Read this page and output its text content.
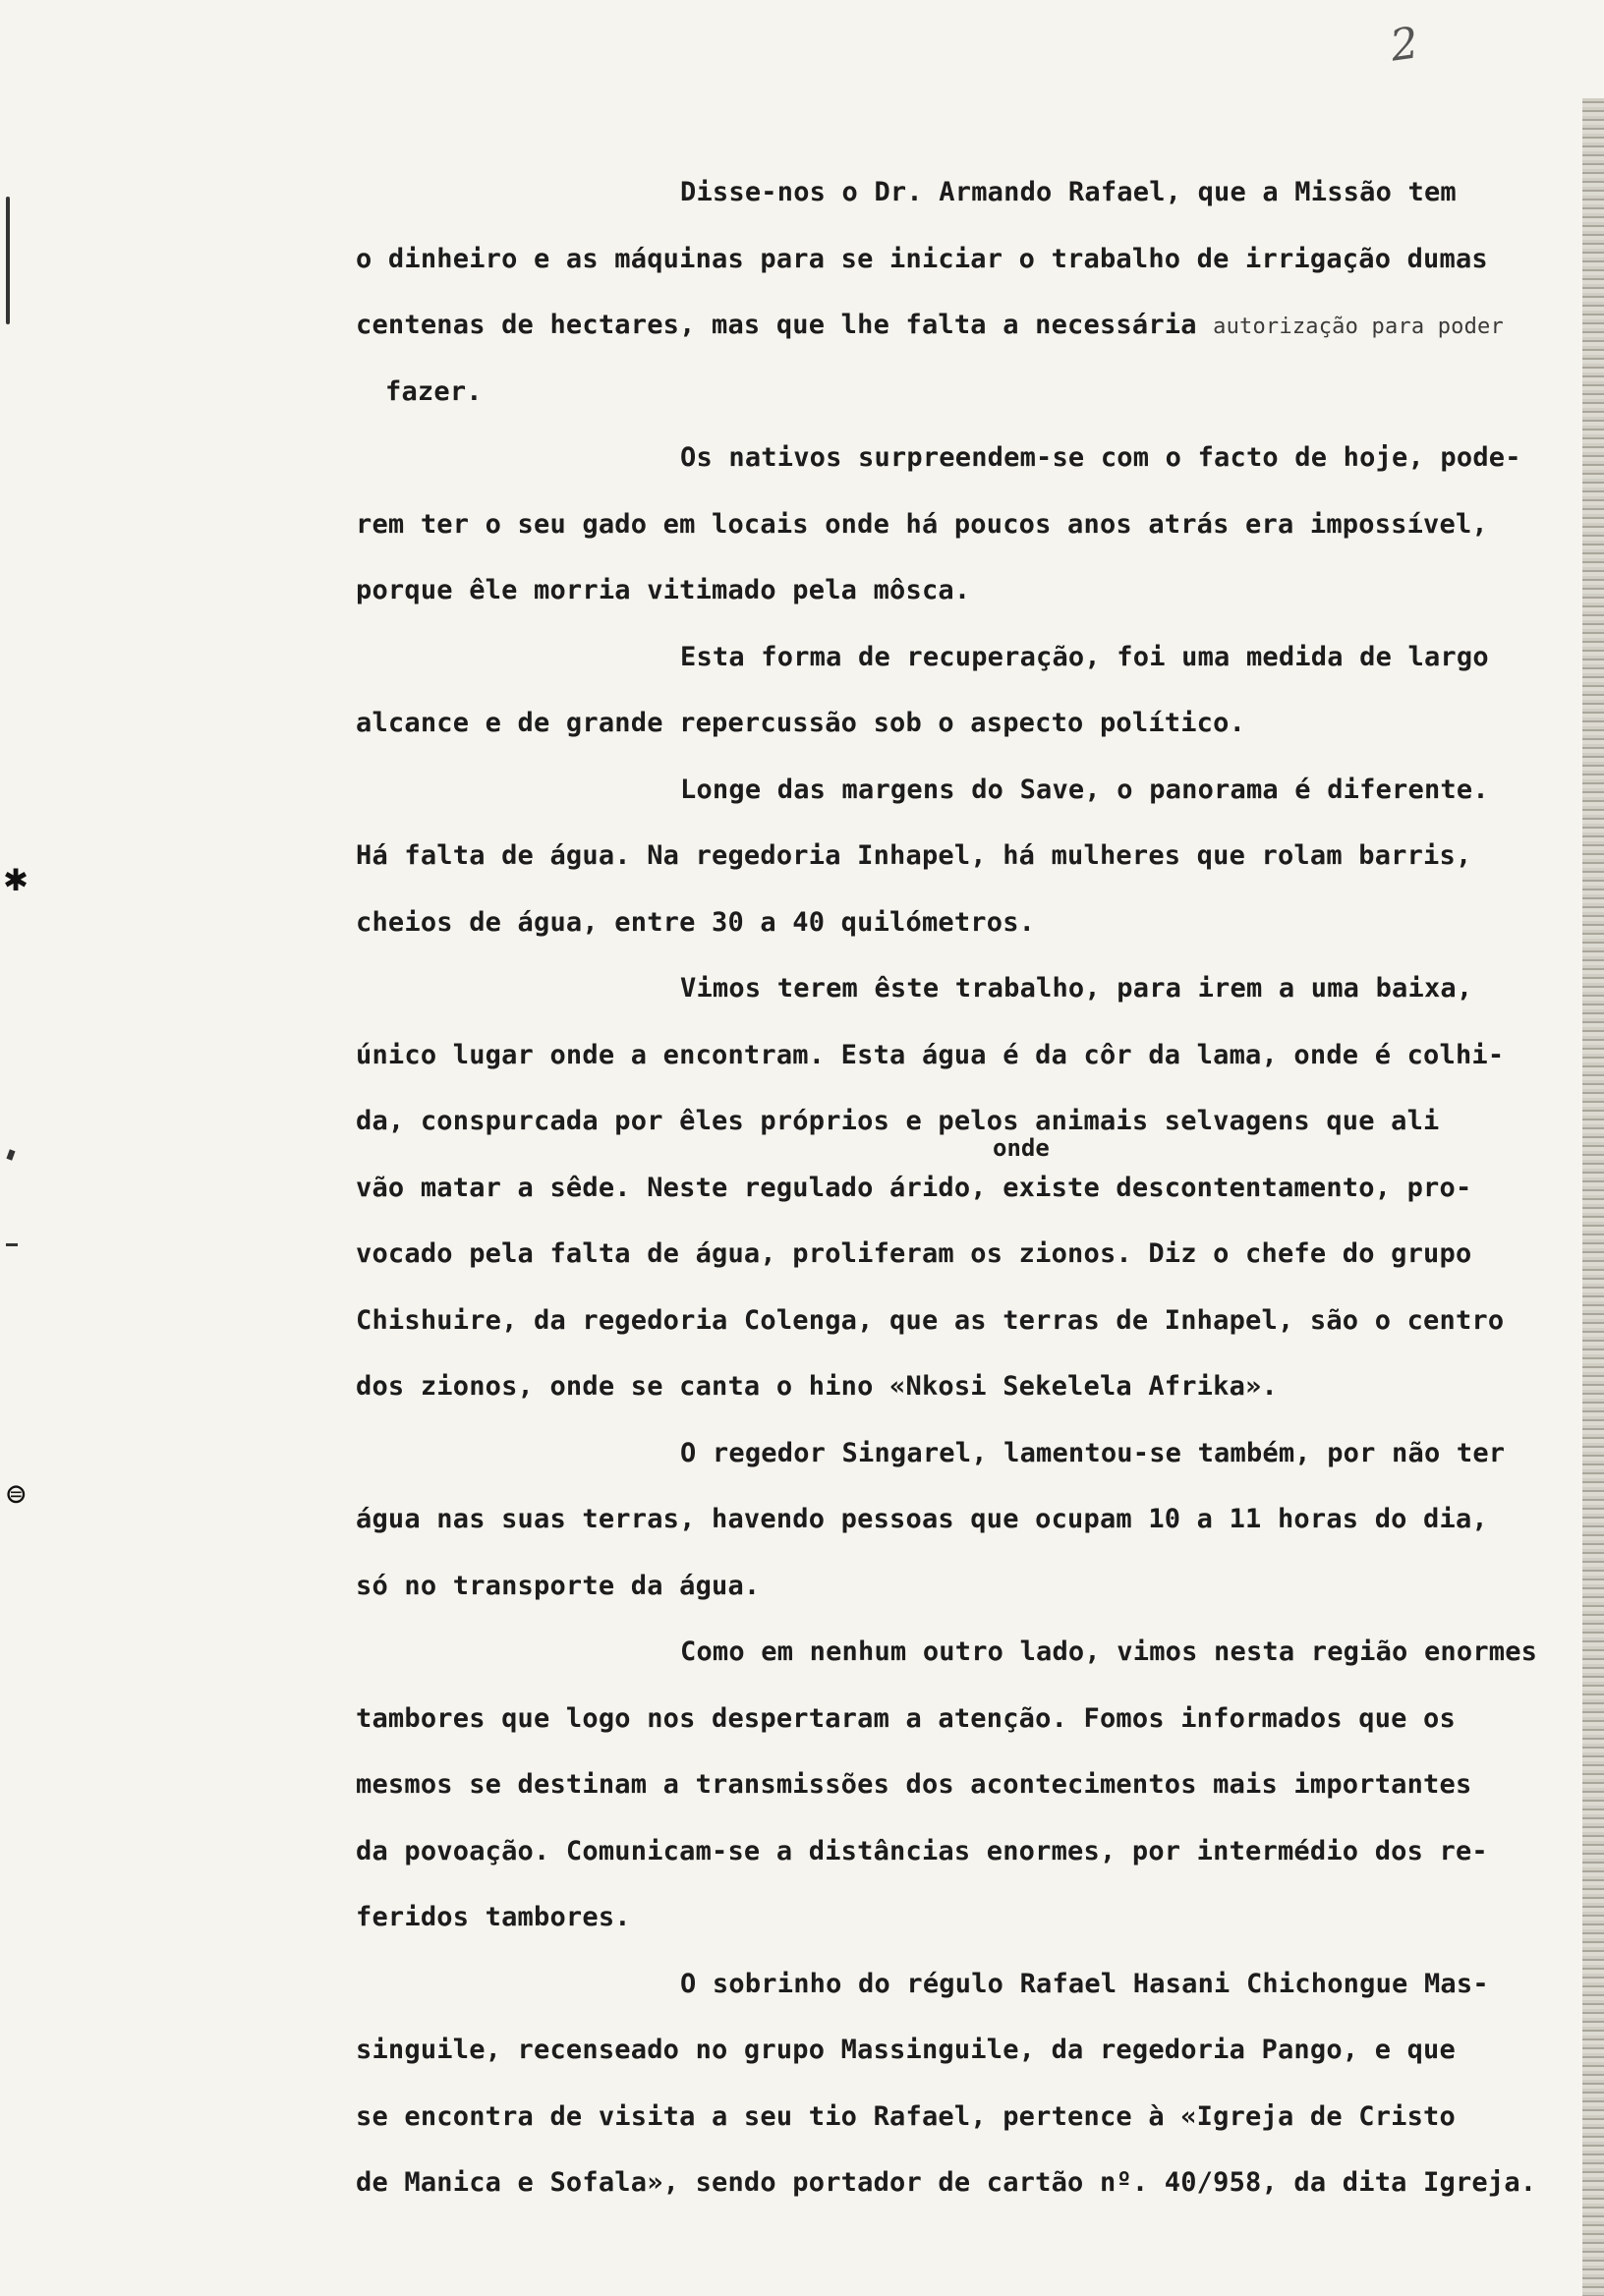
✱
⊜
2
Disse-nos o Dr. Armando Rafael, que a Missão tem
o dinheiro e as máquinas para se iniciar o trabalho de irrigação dumas
centenas de hectares, mas que lhe falta a necessária autorização para poder
fazer.
Os nativos surpreendem-se com o facto de hoje, pode-
rem ter o seu gado em locais onde há poucos anos atrás era impossível,
porque êle morria vitimado pela môsca.
Esta forma de recuperação, foi uma medida de largo
alcance e de grande repercussão sob o aspecto político.
Longe das margens do Save, o panorama é diferente.
Há falta de água. Na regedoria Inhapel, há mulheres que rolam barris,
cheios de água, entre 30 a 40 quilómetros.
Vimos terem êste trabalho, para irem a uma baixa,
único lugar onde a encontram. Esta água é da côr da lama, onde é colhi-
da, conspurcada por êles próprios e pelos animais selvagens que ali
vão matar a sêde. Neste regulado árido, existe descontentamento, pro-
vocado pela falta de água, proliferam os zionos. Diz o chefe do grupo
Chishuire, da regedoria Colenga, que as terras de Inhapel, são o centro
dos zionos, onde se canta o hino «Nkosi Sekelela Afrika».
O regedor Singarel, lamentou-se também, por não ter
água nas suas terras, havendo pessoas que ocupam 10 a 11 horas do dia,
só no transporte da água.
Como em nenhum outro lado, vimos nesta região enormes
tambores que logo nos despertaram a atenção. Fomos informados que os
mesmos se destinam a transmissões dos acontecimentos mais importantes
da povoação. Comunicam-se a distâncias enormes, por intermédio dos re-
feridos tambores.
O sobrinho do régulo Rafael Hasani Chichongue Mas-
singuile, recenseado no grupo Massinguile, da regedoria Pango, e que
se encontra de visita a seu tio Rafael, pertence à «Igreja de Cristo
de Manica e Sofala», sendo portador de cartão nº. 40/958, da dita Igreja.
onde
